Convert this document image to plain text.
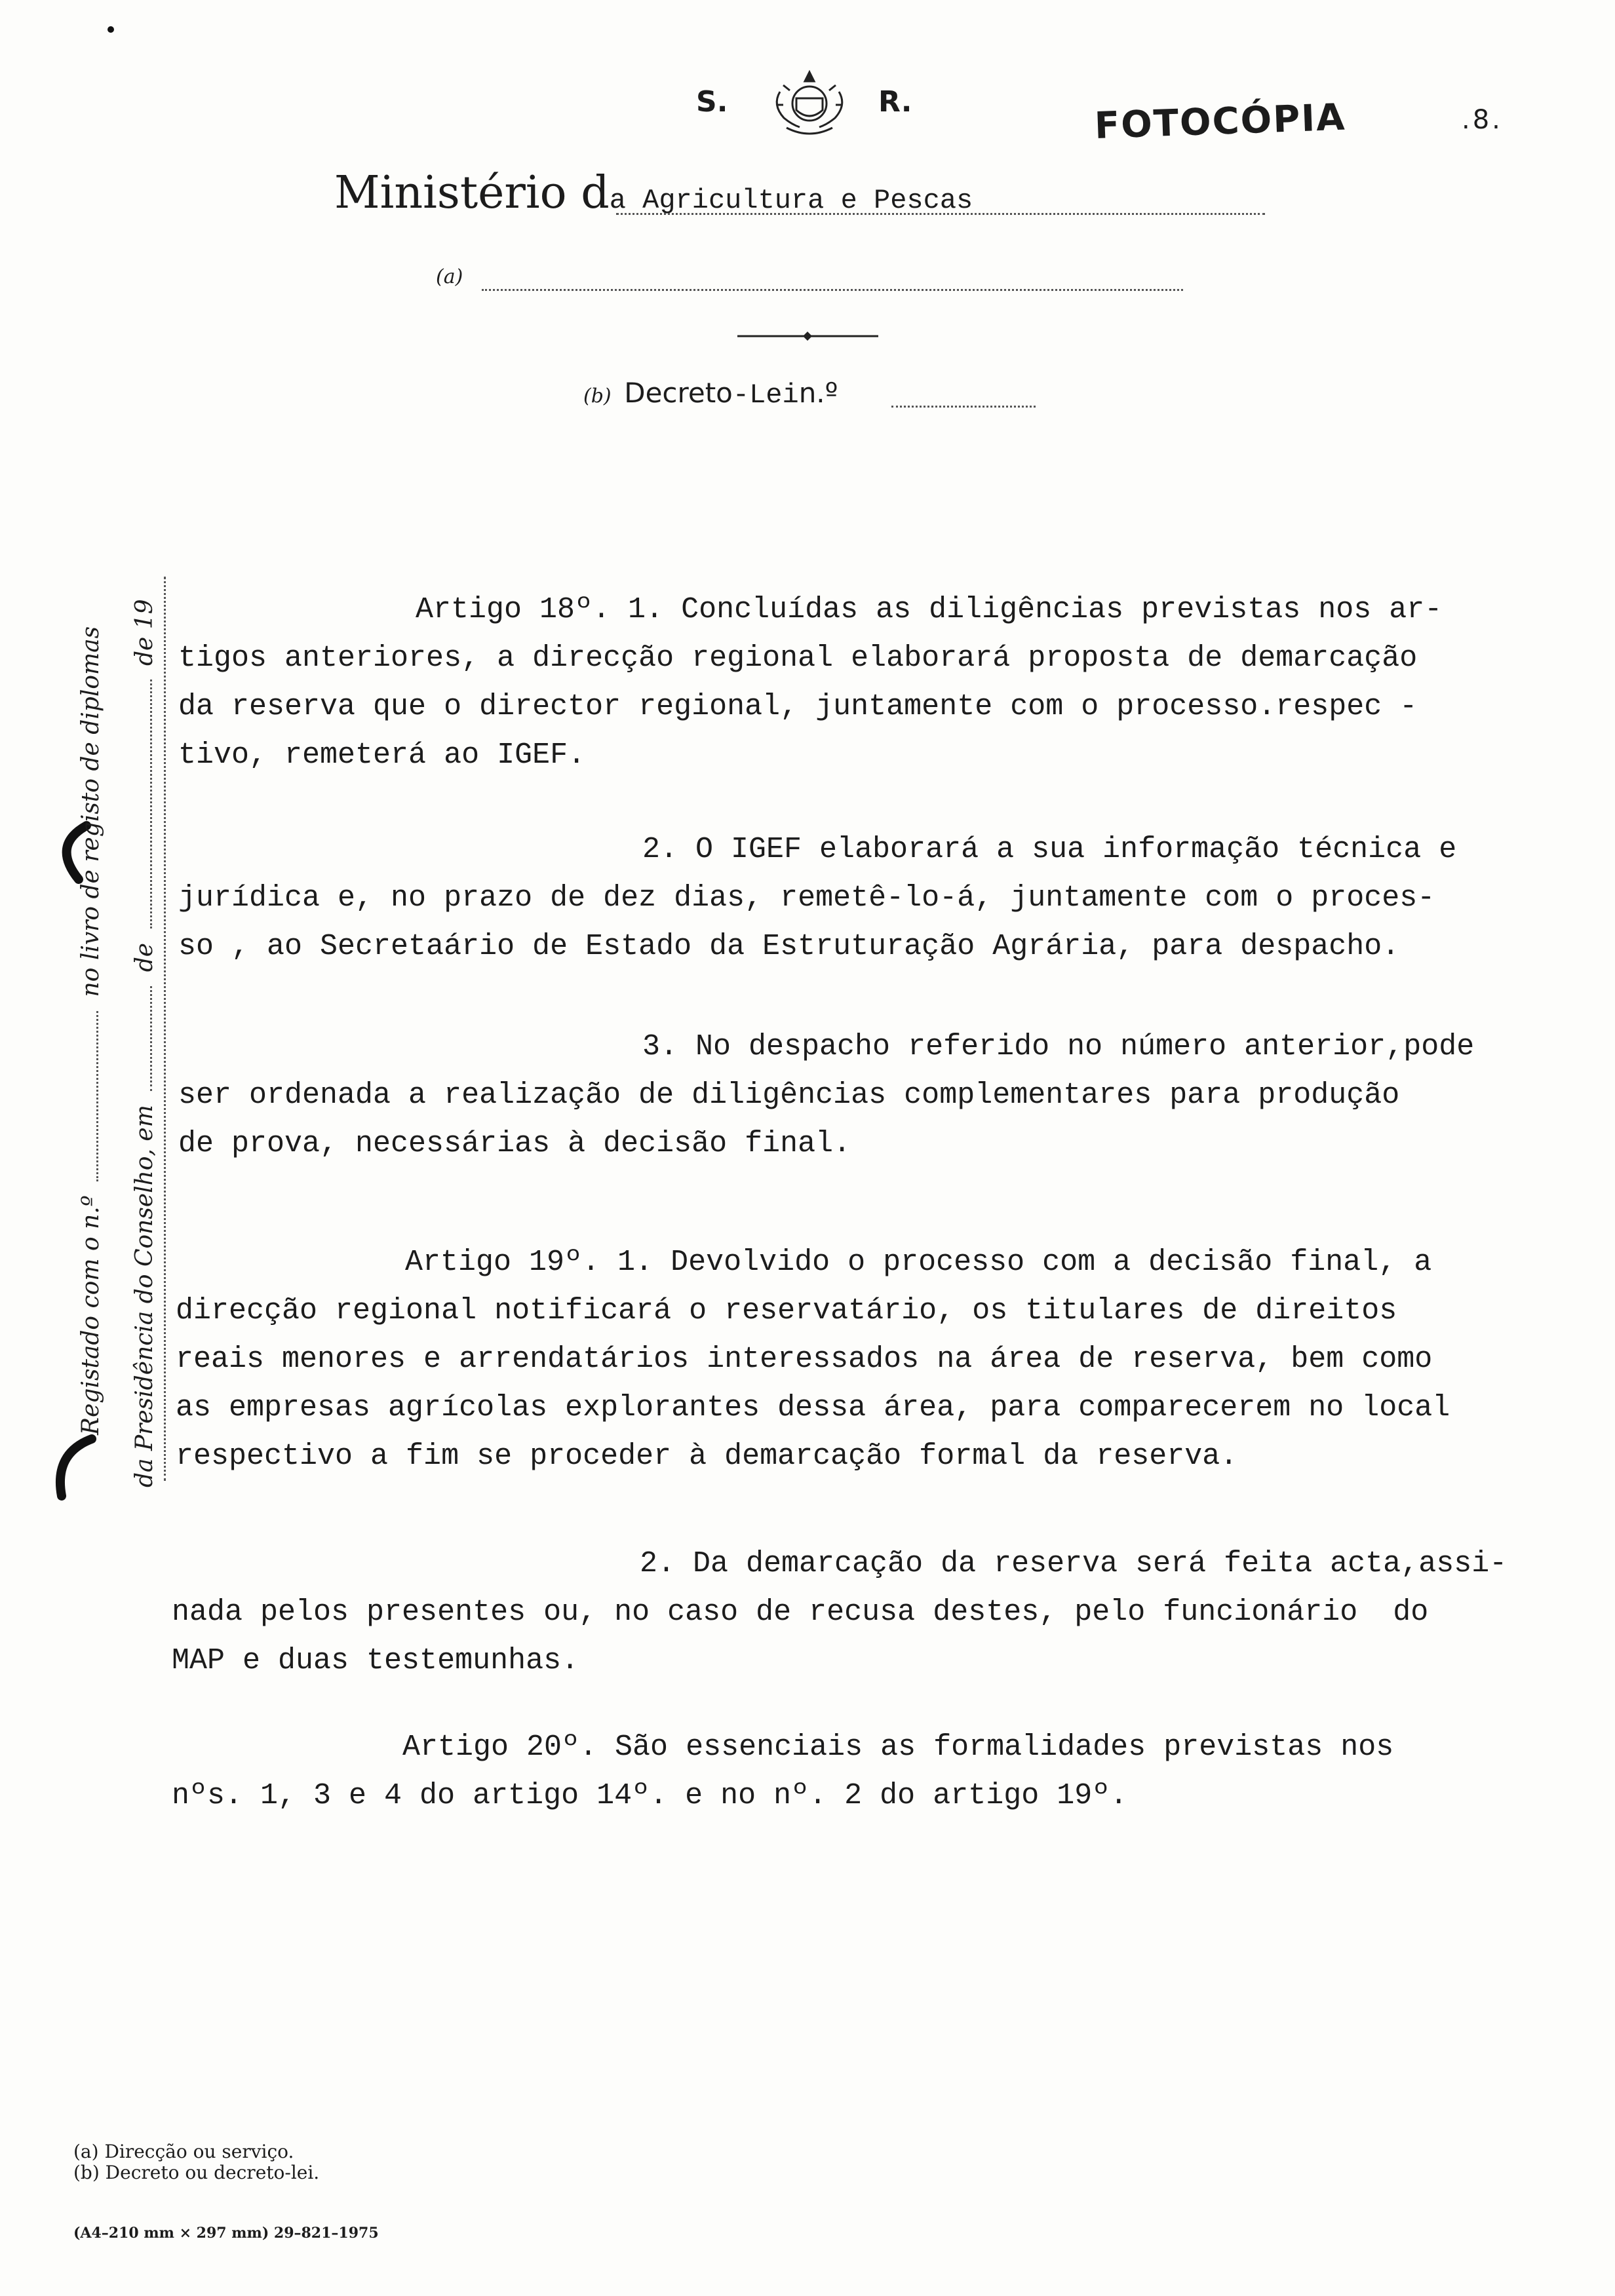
S.	R.	FOTOCÓPIA	.8.
Ministério da Agricultura e Pescas
(a)
(b) Decreto-Lein.º
Registado com o n.º  no livro de registo de diplomas
da Presidência do Conselho, em  de  de 19	Artigo 18º. 1. Concluídas as diligências previstas nos ar-
tigos anteriores, a direcção regional elaborará proposta de demarcação
da reserva que o director regional, juntamente com o processo.respec -
tivo, remeterá ao IGEF.

2. O IGEF elaborará a sua informação técnica e
jurídica e, no prazo de dez dias, remetê-lo-á, juntamente com o proces-
so , ao Secretaário de Estado da Estruturação Agrária, para despacho.

3. No despacho referido no número anterior,pode
ser ordenada a realização de diligências complementares para produção
de prova, necessárias à decisão final.

Artigo 19º. 1. Devolvido o processo com a decisão final, a
direcção regional notificará o reservatário, os titulares de direitos
reais menores e arrendatários interessados na área de reserva, bem como
as empresas agrícolas explorantes dessa área, para comparecerem no local
respectivo a fim se proceder à demarcação formal da reserva.

2. Da demarcação da reserva será feita acta,assi-
nada pelos presentes ou, no caso de recusa destes, pelo funcionário  do
MAP e duas testemunhas.

Artigo 20º. São essenciais as formalidades previstas nos
nºs. 1, 3 e 4 do artigo 14º. e no nº. 2 do artigo 19º.

(a) Direcção ou serviço.
(b) Decreto ou decreto-lei.
(A4–210 mm × 297 mm) 29–821–1975
